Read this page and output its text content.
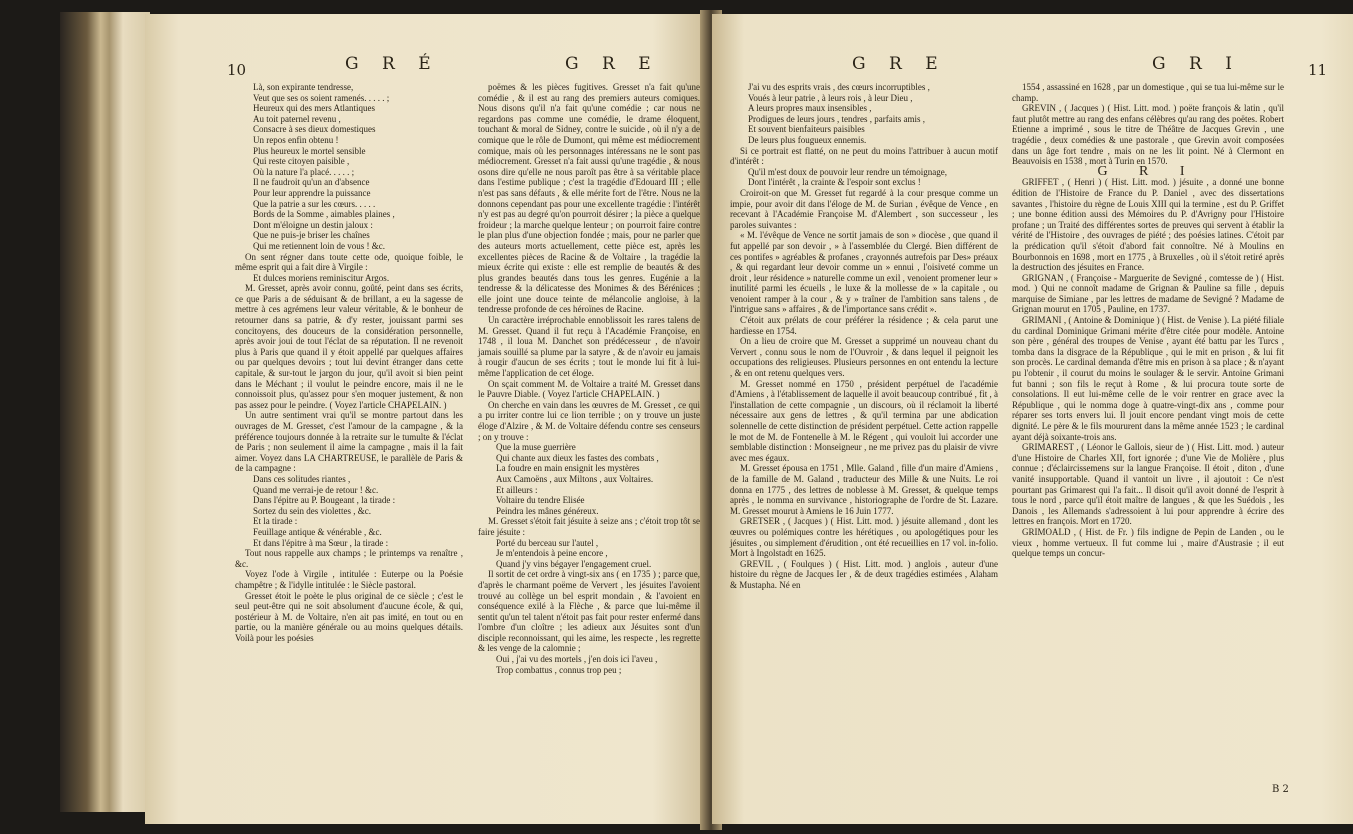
10	G R É	G R E

Là, son expirante tendresse,

Veut que ses os soient ramenés. . . . . ;

Heureux qui des mers Atlantiques

Au toit paternel revenu ,

Consacre à ses dieux domestiques

Un repos enfin obtenu !

Plus heureux le mortel sensible

Qui reste citoyen paisible ,

Où la nature l'a placé. . . . . ;

Il ne faudroit qu'un an d'absence

Pour leur apprendre la puissance

Que la patrie a sur les cœurs. . . . .

Bords de la Somme , aimables plaines ,

Dont m'éloigne un destin jaloux :

Que ne puis-je briser les chaînes

Qui me retiennent loin de vous ! &c.

On sent régner dans toute cette ode, quoique foible, le même esprit qui a fait dire à Virgile :

Et dulces moriens reminiscitur Argos.

M. Gresset, après avoir connu, goûté, peint dans ses écrits, ce que Paris a de séduisant & de brillant, a eu la sagesse de mettre à ces agrémens leur valeur véritable, & le bonheur de retourner dans sa patrie, & d'y rester, jouissant parmi ses concitoyens, des douceurs de la considération personnelle, après avoir joui de tout l'éclat de sa réputation. Il ne revenoit plus à Paris que quand il y étoit appellé par quelques affaires ou par quelques devoirs ; tout lui devint étranger dans cette capitale, & sur-tout le jargon du jour, qu'il avoit si bien peint dans le Méchant ; il voulut le peindre encore, mais il ne le connoissoit plus, qu'assez pour s'en moquer justement, & non pas assez pour le peindre. ( Voyez l'article CHAPELAIN. )

Un autre sentiment vrai qu'il se montre partout dans les ouvrages de M. Gresset, c'est l'amour de la campagne , & la préférence toujours donnée à la retraite sur le tumulte & l'éclat de Paris ; non seulement il aime la campagne , mais il la fait aimer. Voyez dans LA CHARTREUSE, le parallèle de Paris & de la campagne :

Dans ces solitudes riantes ,

Quand me verrai-je de retour ! &c.

Dans l'épitre au P. Bougeant , la tirade :

Sortez du sein des violettes , &c.

Et la tirade :

Feuillage antique & vénérable , &c.

Et dans l'épitre à ma Sœur , la tirade :

Tout nous rappelle aux champs ; le printemps va renaître , &c.

Voyez l'ode à Virgile , intitulée : Euterpe ou la Poésie champêtre ; & l'idylle intitulée : le Siècle pastoral.

Gresset étoit le poète le plus original de ce siècle ; c'est le seul peut-être qui ne soit absolument d'aucune école, & qui, postérieur à M. de Voltaire, n'en ait pas imité, en tout ou en partie, ou la manière générale ou au moins quelques détails. Voilà pour les poésies

poëmes & les pièces fugitives. Gresset n'a fait qu'une comédie , & il est au rang des premiers auteurs comiques. Nous disons qu'il n'a fait qu'une comédie ; car nous ne regardons pas comme une comédie, le drame éloquent, touchant & moral de Sidney, contre le suicide , où il n'y a de comique que le rôle de Dumont, qui même est médiocrement comique, mais où les personnages intéressans ne le sont pas médiocrement. Gresset n'a fait aussi qu'une tragédie , & nous osons dire qu'elle ne nous paroît pas être à sa véritable place dans l'estime publique ; c'est la tragédie d'Edouard III ; elle n'est pas sans défauts , & elle mérite fort de l'être. Nous ne la donnons cependant pas pour une excellente tragédie : l'intérêt n'y est pas au degré qu'on pourroit désirer ; la pièce a quelque froideur ; la marche quelque lenteur ; on pourroit faire contre le plan plus d'une objection fondée ; mais, pour ne parler que des auteurs morts actuellement, cette pièce est, après les excellentes pièces de Racine & de Voltaire , la tragédie la mieux écrite qui existe : elle est remplie de beautés & des plus grandes beautés dans tous les genres. Eugénie a la tendresse & la délicatesse des Monimes & des Bérénices ; elle joint une douce teinte de mélancolie angloise, à la tendresse profonde de ces héroïnes de Racine.

Un caractère irréprochable ennoblissoit les rares talens de M. Gresset. Quand il fut reçu à l'Académie Françoise, en 1748 , il loua M. Danchet son prédécesseur , de n'avoir jamais souillé sa plume par la satyre , & de n'avoir eu jamais à rougir d'aucun de ses écrits ; tout le monde lui fit à lui-même l'application de cet éloge.

On sçait comment M. de Voltaire a traité M. Gresset dans le Pauvre Diable. ( Voyez l'article CHAPELAIN. )

On cherche en vain dans les œuvres de M. Gresset , ce qui a pu irriter contre lui ce lion terrible ; on y trouve un juste éloge d'Alzire , & M. de Voltaire défendu contre ses censeurs ; on y trouve :

Que la muse guerrière

Qui chante aux dieux les fastes des combats ,

La foudre en main ensignit les mystères

Aux Camoëns , aux Miltons , aux Voltaires.

Et ailleurs :

Voltaire du tendre Elisée

Peindra les mânes généreux.

M. Gresset s'étoit fait jésuite à seize ans ; c'étoit trop tôt se faire jésuite :

Porté du berceau sur l'autel ,

Je m'entendois à peine encore ,

Quand j'y vins bégayer l'engagement cruel.

Il sortit de cet ordre à vingt-six ans ( en 1735 ) ; parce que, d'après le charmant poëme de Ververt , les jésuites l'avoient trouvé au collège un bel esprit mondain , & l'avoient en conséquence exilé à la Flèche , & parce que lui-même il sentit qu'un tel talent n'étoit pas fait pour rester enfermé dans l'ombre d'un cloître ; les adieux aux Jésuites sont d'un disciple reconnoissant, qui les aime, les respecte , les regrette & les venge de la calomnie ;

Oui , j'ai vu des mortels , j'en dois ici l'aveu ,

Trop combattus , connus trop peu ;

G R E	G R I	11

J'ai vu des esprits vrais , des cœurs incorruptibles ,

Voués à leur patrie , à leurs rois , à leur Dieu ,

A leurs propres maux insensibles ,

Prodigues de leurs jours , tendres , parfaits amis ,

Et souvent bienfaiteurs paisibles

De leurs plus fougueux ennemis.

Si ce portrait est flatté, on ne peut du moins l'attribuer à aucun motif d'intérêt :

Qu'il m'est doux de pouvoir leur rendre un témoignage,

Dont l'intérêt , la crainte & l'espoir sont exclus !

Croiroit-on que M. Gresset fut regardé à la cour presque comme un impie, pour avoir dit dans l'éloge de M. de Surian , évêque de Vence , en recevant à l'Académie Françoise M. d'Alembert , son successeur , les paroles suivantes :

« M. l'évêque de Vence ne sortit jamais de son » diocèse , que quand il fut appellé par son devoir , » à l'assemblée du Clergé. Bien différent de ces pontifes » agréables & profanes , crayonnés autrefois par Des» préaux , & qui regardant leur devoir comme un » ennui , l'oisiveté comme un droit , leur résidence » naturelle comme un exil , venoient promener leur » inutilité parmi les écueils , le luxe & la mollesse de » la capitale , ou venoient ramper à la cour , & y » traîner de l'ambition sans talens , de l'intrigue sans » affaires , & de l'importance sans crédit ».

C'étoit aux prélats de cour préférer la résidence ; & cela parut une hardiesse en 1754.

On a lieu de croire que M. Gresset a supprimé un nouveau chant du Ververt , connu sous le nom de l'Ouvroir , & dans lequel il peignoit les occupations des religieuses. Plusieurs personnes en ont entendu la lecture , & en ont retenu quelques vers.

M. Gresset nommé en 1750 , président perpétuel de l'académie d'Amiens , à l'établissement de laquelle il avoit beaucoup contribué , fit , à l'installation de cette compagnie , un discours, où il réclamoit la liberté nécessaire aux gens de lettres , & qu'il termina par une abdication solennelle de cette distinction de président perpétuel. Cette action rappelle le mot de M. de Fontenelle à M. le Régent , qui vouloit lui accorder une semblable distinction : Monseigneur , ne me privez pas du plaisir de vivre avec mes égaux.

M. Gresset épousa en 1751 , Mlle. Galand , fille d'un maire d'Amiens , de la famille de M. Galand , traducteur des Mille & une Nuits. Le roi donna en 1775 , des lettres de noblesse à M. Gresset, & quelque temps après , le nomma en survivance , historiographe de l'ordre de St. Lazare. M. Gresset mourut à Amiens le 16 Juin 1777.

GRETSER , ( Jacques ) ( Hist. Litt. mod. ) jésuite allemand , dont les œuvres ou polémiques contre les hérétiques , ou apologétiques pour les jésuites , ou simplement d'érudition , ont été recueillies en 17 vol. in-folio. Mort à Ingolstadt en 1625.

GREVIL , ( Foulques ) ( Hist. Litt. mod. ) anglois , auteur d'une histoire du règne de Jacques Ier , & de deux tragédies estimées , Alaham & Mustapha. Né en

1554 , assassiné en 1628 , par un domestique , qui se tua lui-même sur le champ.

GREVIN , ( Jacques ) ( Hist. Litt. mod. ) poëte françois & latin , qu'il faut plutôt mettre au rang des enfans célèbres qu'au rang des poëtes. Robert Etienne a imprimé , sous le titre de Théâtre de Jacques Grevin , une tragédie , deux comédies & une pastorale , que Grevin avoit composées dans un âge fort tendre , mais on ne les lit point. Né à Clermont en Beauvoisis en 1538 , mort à Turin en 1570.

G R I

GRIFFET , ( Henri ) ( Hist. Litt. mod. ) jésuite , a donné une bonne édition de l'Histoire de France du P. Daniel , avec des dissertations savantes , l'histoire du règne de Louis XIII qui la termine , est du P. Griffet ; une bonne édition aussi des Mémoires du P. d'Avrigny pour l'Histoire profane ; un Traité des différentes sortes de preuves qui servent à établir la vérité de l'Histoire , des ouvrages de piété ; des poésies latines. C'étoit par la prédication qu'il s'étoit d'abord fait connoître. Né à Moulins en Bourbonnois en 1698 , mort en 1775 , à Bruxelles , où il s'étoit retiré après la destruction des jésuites en France.

GRIGNAN , ( Françoise - Marguerite de Sevigné , comtesse de ) ( Hist. mod. ) Qui ne connoît madame de Grignan & Pauline sa fille , depuis marquise de Simiane , par les lettres de madame de Sevigné ? Madame de Grignan mourut en 1705 , Pauline, en 1737.

GRIMANI , ( Antoine & Dominique ) ( Hist. de Venise ). La piété filiale du cardinal Dominique Grimani mérite d'être citée pour modèle. Antoine son père , général des troupes de Venise , ayant été battu par les Turcs , tomba dans la disgrace de la République , qui le mit en prison , & lui fit son procès. Le cardinal demanda d'être mis en prison à sa place ; & n'ayant pu l'obtenir , il courut du moins le soulager & le servir. Antoine Grimani fut banni ; son fils le reçut à Rome , & lui procura toute sorte de consolations. Il eut lui-même celle de le voir rentrer en grace avec la République , qui le nomma doge à quatre-vingt-dix ans , comme pour réparer ses torts envers lui. Il jouit encore pendant vingt mois de cette dignité. Le père & le fils moururent dans la même année 1523 ; le cardinal ayant déjà soixante-trois ans.

GRIMAREST , ( Léonor le Gallois, sieur de ) ( Hist. Litt. mod. ) auteur d'une Histoire de Charles XII, fort ignorée ; d'une Vie de Molière , plus connue ; d'éclaircissemens sur la langue Françoise. Il étoit , diton , d'une vanité insupportable. Quand il vantoit un livre , il ajoutoit : Ce n'est pourtant pas Grimarest qui l'a fait... Il disoit qu'il avoit donné de l'esprit à tous le nord , parce qu'il étoit maître de langues , & que les Suédois , les Danois , les Allemands s'adressoient à lui pour apprendre à écrire des lettres en françois. Mort en 1720.

GRIMOALD , ( Hist. de Fr. ) fils indigne de Pepin de Landen , ou le vieux , homme vertueux. Il fut comme lui , maire d'Austrasie ; il eut quelque temps un concur-

B 2
